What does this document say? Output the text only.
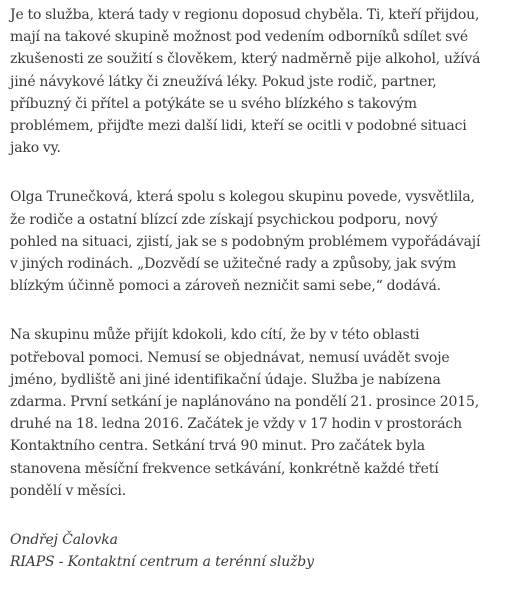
Je to služba, která tady v regionu doposud chyběla. Ti, kteří přijdou,
mají na takové skupině možnost pod vedením odborníků sdílet své
zkušenosti ze soužití s člověkem, který nadměrně pije alkohol, užívá
jiné návykové látky či zneužívá léky. Pokud jste rodič, partner,
příbuzný či přítel a potýkáte se u svého blízkého s takovým
problémem, přijďte mezi další lidi, kteří se ocitli v podobné situaci
jako vy.

Olga Trunečková, která spolu s kolegou skupinu povede, vysvětlila,
že rodiče a ostatní blízcí zde získají psychickou podporu, nový
pohled na situaci, zjistí, jak se s podobným problémem vypořádávají
v jiných rodinách. „Dozvědí se užitečné rady a způsoby, jak svým
blízkým účinně pomoci a zároveň nezničit sami sebe,“ dodává.

Na skupinu může přijít kdokoli, kdo cítí, že by v této oblasti
potřeboval pomoci. Nemusí se objednávat, nemusí uvádět svoje
jméno, bydliště ani jiné identifikační údaje. Služba je nabízena
zdarma. První setkání je naplánováno na pondělí 21. prosince 2015,
druhé na 18. ledna 2016. Začátek je vždy v 17 hodin v prostorách
Kontaktního centra. Setkání trvá 90 minut. Pro začátek byla
stanovena měsíční frekvence setkávání, konkrétně každé třetí
pondělí v měsíci.

Ondřej Čalovka
RIAPS - Kontaktní centrum a terénní služby
